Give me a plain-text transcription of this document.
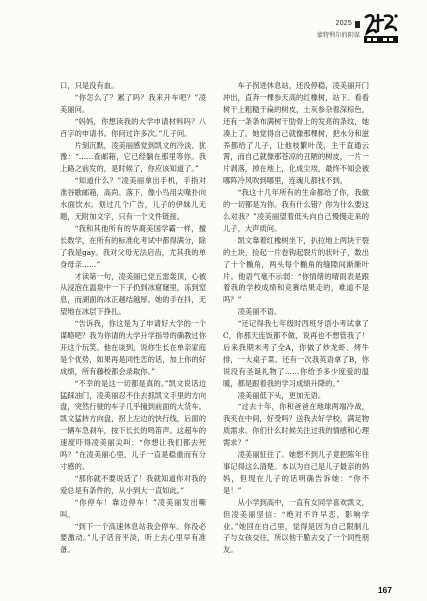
2025
蒙特利尔的阴谋

口，只是没有血。

“你怎么了？累了吗？我来开车吧？”凌美丽问。

“妈妈，你想读我的大学申请材料吗？八百字的申请书。你问过许多次。”儿子问。

片刻沉默，凌美丽感觉到凯文的冷淡、犹豫：“……查邮箱，它已经躺在那里等你。我上路之前发的，是时候了，你应该知道了。”

“知道什么？”凌美丽拿出手机，手指对准谷歌邮箱，高尚、落下，像小鸟用尖喙扑向水面饮水。划过几个广告，儿子的伊妹儿无题，无附加文字，只有一个文件链接。

“我和其他所有的华裔美国学霸一样，擅长数学，在所有的标准化考试中都得满分，除了我是gay。我对父母无法启齿，尤其我的单身母亲……”

才读第一句，凌美丽已觉五雷轰顶，心被从浸泡在温泉中一下子扔到冰窟窿里，冻到窒息，而湖面的冰正越结越厚。她的手在抖，无望地在冰层下挣扎。

“告诉我，你这是为了申请好大学的一个谋略吧？我为你请的大学升学指导的确教过你开这个玩笑。他在谈到，说你生长在单亲家庭是个优势，如果再是同性恋的话，加上你的好成绩，所有藤校都会录取你。”

“不幸的是这一切都是真的。”凯文说话边猛踩油门，凌美丽忍不住去抓凯文手里的方向盘，突然行驶的车子几乎撞到前面的大货车。凯文猛转方向盘，拐上左边的快行线，后面的一辆车急刹车，按下长长的鸣笛声。这超车的速度吓得凌美丽尖叫：“你想让我们都去死吗？”在凌美丽心里，儿子一直是稳重而有分寸感的。

“那你就不要说话了！我就知道你对我的爱总是有条件的，从小到大一直如此。”

“你停车！靠边停车！”凌美丽发出嘶叫。

“到下一个高速休息站我会停车。你没必要激动。”儿子话音平淡，听上去心里早有准备。

车子拐进休息站，还没停稳，凌美丽开门冲出，直奔一棵参天高的红橡树，站下。看看树干上粗糙干扁的树皮，土灰参杂着深棕色，还有一条条布满树干肋骨上的发亮的条纹，她凑上了。她觉得自己就像那棵树，把水分和滋养都给了儿子，让他枝繁叶茂，主干直通云霄，而自己就像那苍凉的丑陋的树皮，一片一片剥落，掉在地上，化成尘埃，最终不知会被哪阵冷风吹到哪里，连魂儿都找不到。

“我这十几年所有的生命都给了你，我做的一切都是为你。我有什么错？你为什么要这么对我？”凌美丽望着低头向自己慢慢走来的儿子，大声质问。

凯文靠着红橡树坐下，扒拉地上两块干裂的土块，捡起一片卷钩起裂片的状叶子，数出了十个椭角，两头每个椭角的缝隙间渐渐叶片。他语气毫不示弱：“你情绪的晴雨表是跟着我的学校成绩和竞赛结果走的，难道不是吗？”

凌美丽不语。

“还记得我七年级时西班牙语小考试拿了C，你那天连饭都不做，说再也不想管我了！后来我期末考了全A，你做了炒龙虾、烤牛排，一大桌子菜。还有一次我英语拿了B，你说没有圣诞礼物了……你给予多少度爱的温暖，都是跟着我的学习成绩升降的。”

凌美丽低下头，更加无语。

“过去十年，你和爸爸在地球两端冷战，我夹在中间，好受吗？送我去好学校，满足物质需求。你们什么时候关注过我的情感和心理需求？”

凌美丽怔住了。她想不到儿子竟把陈年往事记得这么清楚。本以为自己是儿子最亲的妈妈，但现在儿子的话明确告诉她：“你不是！”

从小学到高中，一直有女同学喜欢凯文，但凌美丽坚信：“绝对不许早恋，影响学业。”她回在自己里，觉得是因为自己限制儿子与女孩交往，所以他干脆去交了一个同性朋友。

167
